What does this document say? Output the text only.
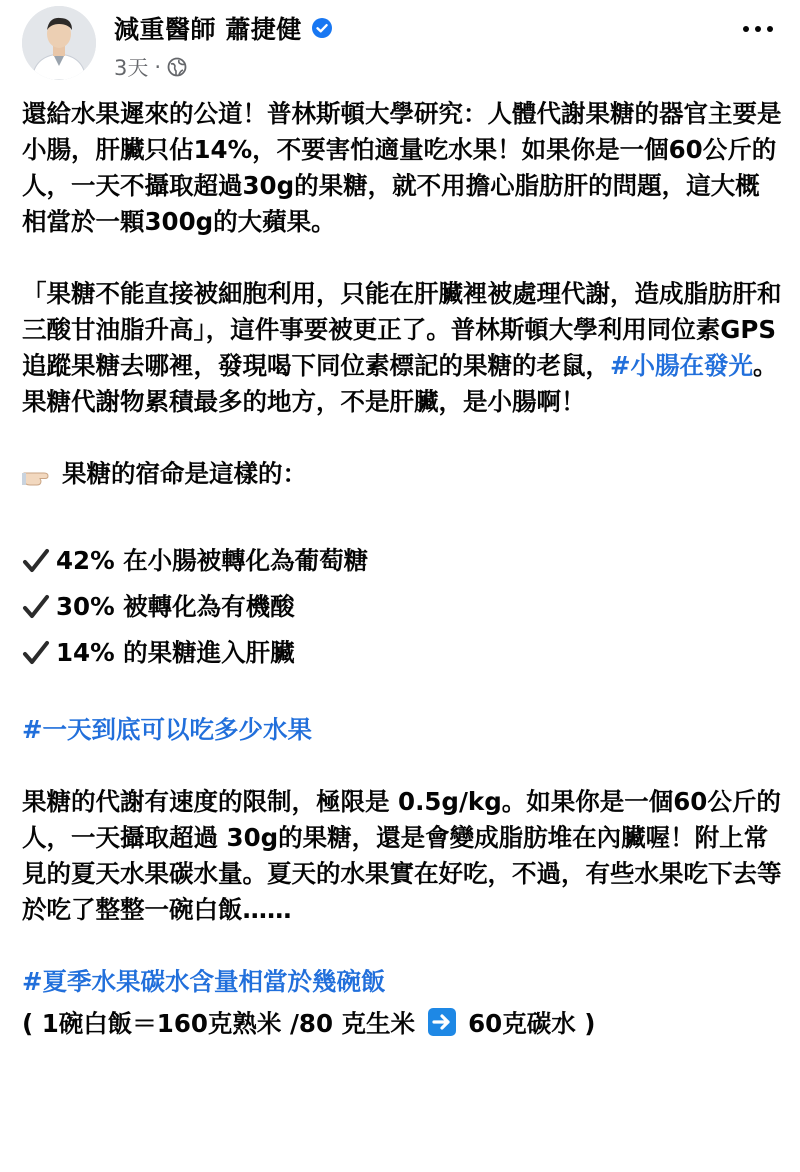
減重醫師 蕭捷健
3天 ·

還給水果遲來的公道！普林斯頓大學研究：人體代謝果糖的器官主要是小腸，肝臟只佔14%，不要害怕適量吃水果！如果你是一個60公斤的人，一天不攝取超過30g的果糖，就不用擔心脂肪肝的問題，這大概相當於一顆300g的大蘋果。

「果糖不能直接被細胞利用，只能在肝臟裡被處理代謝，造成脂肪肝和三酸甘油脂升高」，這件事要被更正了。普林斯頓大學利用同位素GPS追蹤果糖去哪裡，發現喝下同位素標記的果糖的老鼠，#小腸在發光。果糖代謝物累積最多的地方，不是肝臟，是小腸啊！

果糖的宿命是這樣的：

42% 在小腸被轉化為葡萄糖
30% 被轉化為有機酸
14% 的果糖進入肝臟

#一天到底可以吃多少水果

果糖的代謝有速度的限制，極限是 0.5g/kg。如果你是一個60公斤的人，一天攝取超過 30g的果糖，還是會變成脂肪堆在內臟喔！附上常見的夏天水果碳水量。夏天的水果實在好吃，不過，有些水果吃下去等於吃了整整一碗白飯……

#夏季水果碳水含量相當於幾碗飯

( 1碗白飯＝160克熟米 /80 克生米 60克碳水 )
